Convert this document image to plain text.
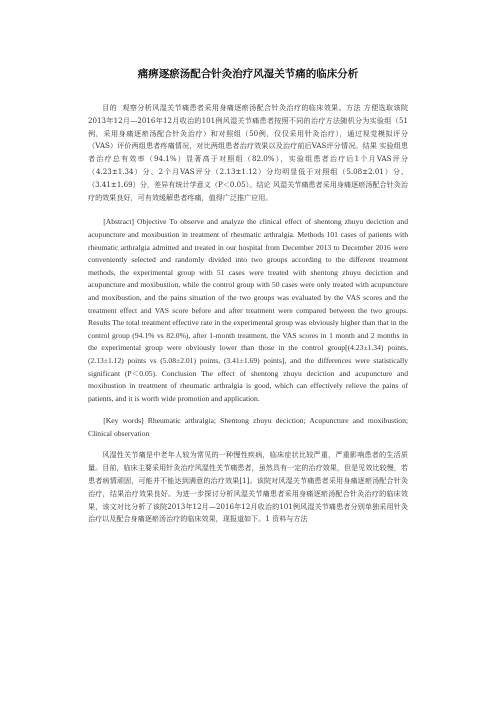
痛痹逐瘀汤配合针灸治疗风湿关节痛的临床分析

目的 观察分析风湿关节痛患者采用身痛逐瘀汤配合针灸治疗的临床效果。方法 方便选取该院2013年12月—2016年12月收治的101例风湿关节痛患者按照不同的治疗方法随机分为实验组（51例，采用身痛逐瘀汤配合针灸治疗）和对照组（50例，仅仅采用针灸治疗），通过视觉模拟评分（VAS）评价两组患者疼痛情况，对比两组患者治疗效果以及治疗前后VAS评分情况。结果 实验组患者治疗总有效率（94.1%）显著高于对照组（82.0%），实验组患者治疗后1个月VAS评分（4.23±1.34）分、2个月VAS评分（2.13±1.12）分均明显低于对照组（5.08±2.01）分、（3.41±1.69）分，差异有统计学意义（P＜0.05）。结论 风湿关节痛患者采用身痛逐瘀汤配合针灸治疗的效果良好，可有效缓解患者疼痛，值得广泛推广应用。

[Abstract] Objective To observe and analyze the clinical effect of shentong zhuyu deciction and acupuncture and moxibustion in treatment of rheumatic arthralgia. Methods 101 cases of patients with rheumatic arthralgia admitted and treated in our hospital from December 2013 to December 2016 were conveniently selected and randomly divided into two groups according to the different treatment methods, the experimental group with 51 cases were treated with shentong zhuyu deciction and acupuncture and moxibustion, while the control group with 50 cases were only treated with acupuncture and moxibustion, and the pains situation of the two groups was evaluated by the VAS scores and the treatment effect and VAS score before and after treatment were compared between the two groups. Results The total treatment effective rate in the experimental group was obviously higher than that in the control group (94.1% vs 82.0%), after 1-month treatment, the VAS scores in 1 month and 2 months in the experimental group were obviously lower than those in the control group[(4.23±1.34) points, (2.13±1.12) points vs (5.08±2.01) points, (3.41±1.69) points], and the differences were statistically significant (P＜0.05). Conclusion The effect of shentong zhuyu deciction and acupuncture and moxibustion in treatment of rheumatic arthralgia is good, which can effectively relieve the pains of patients, and it is worth wide promotion and application.

[Key words] Rheumatic arthralgia; Shentong zhuyu deciction; Acupuncture and moxibustion; Clinical observation

风湿性关节痛是中老年人较为常见的一种慢性疾病，临床症状比较严重，严重影响患者的生活质量。目前，临床主要采用针灸治疗风湿性关节痛患者，虽然具有一定的治疗效果，但是见效比较慢，若患者病情顽固，可能并不能达到满意的治疗效果[1]。该院对风湿关节痛患者采用身痛逐瘀汤配合针灸治疗，结果治疗效果良好。为进一步探讨分析风湿关节痛患者采用身痛逐瘀汤配合针灸治疗的临床效果，该文对比分析了该院2013年12月—2016年12月收治的101例风湿关节痛患者分别单独采用针灸治疗以及配合身痛逐瘀汤治疗的临床效果，现报道如下。1 资料与方法
